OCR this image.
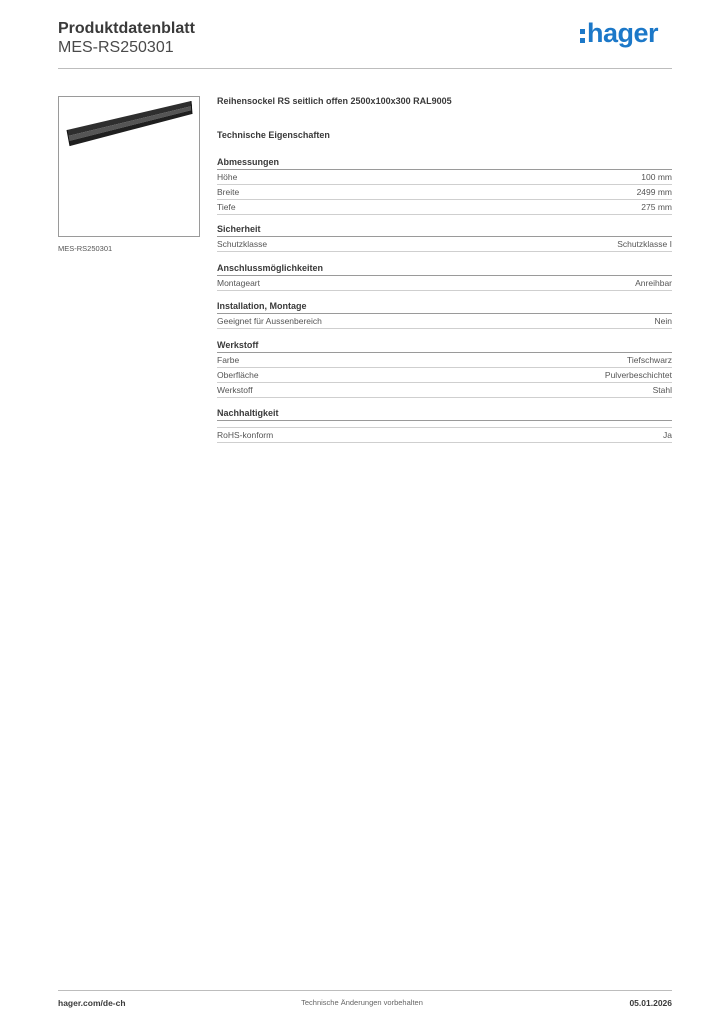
Produktdatenblatt
MES-RS250301	hager
MES-RS250301
Reihensockel RS seitlich offen 2500x100x300 RAL9005
Technische Eigenschaften
Abmessungen
Höhe	100 mm
Breite	2499 mm
Tiefe	275 mm
Sicherheit
Schutzklasse	Schutzklasse I
Anschlussmöglichkeiten
Montageart	Anreihbar
Installation, Montage
Geeignet für Aussenbereich	Nein
Werkstoff
Farbe	Tiefschwarz
Oberfläche	Pulverbeschichtet
Werkstoff	Stahl
Nachhaltigkeit
RoHS-konform	Ja
hager.com/de-ch	Technische Änderungen vorbehalten	05.01.2026
